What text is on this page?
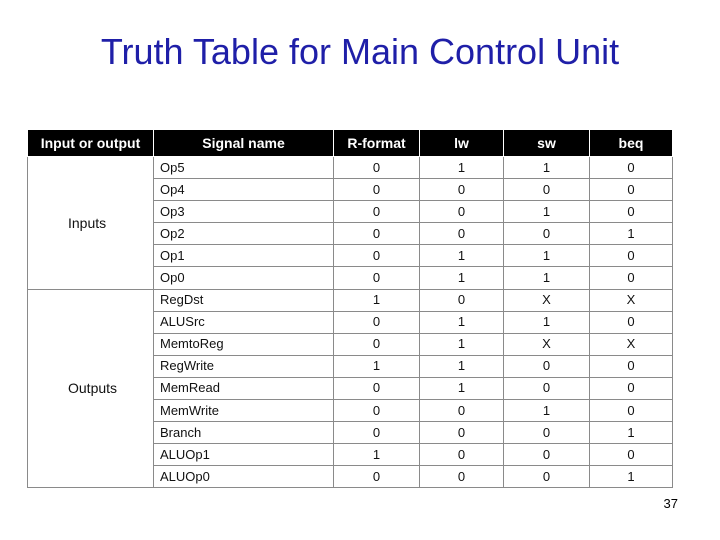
Truth Table for Main Control Unit
Input or output	Signal name	R-format	lw	sw	beq
Inputs	Op5	0	1	1	0
	Op4	0	0	0	0
	Op3	0	0	1	0
	Op2	0	0	0	1
	Op1	0	1	1	0
	Op0	0	1	1	0
Outputs	RegDst	1	0	X	X
	ALUSrc	0	1	1	0
	MemtoReg	0	1	X	X
	RegWrite	1	1	0	0
	MemRead	0	1	0	0
	MemWrite	0	0	1	0
	Branch	0	0	0	1
	ALUOp1	1	0	0	0
	ALUOp0	0	0	0	1
37
